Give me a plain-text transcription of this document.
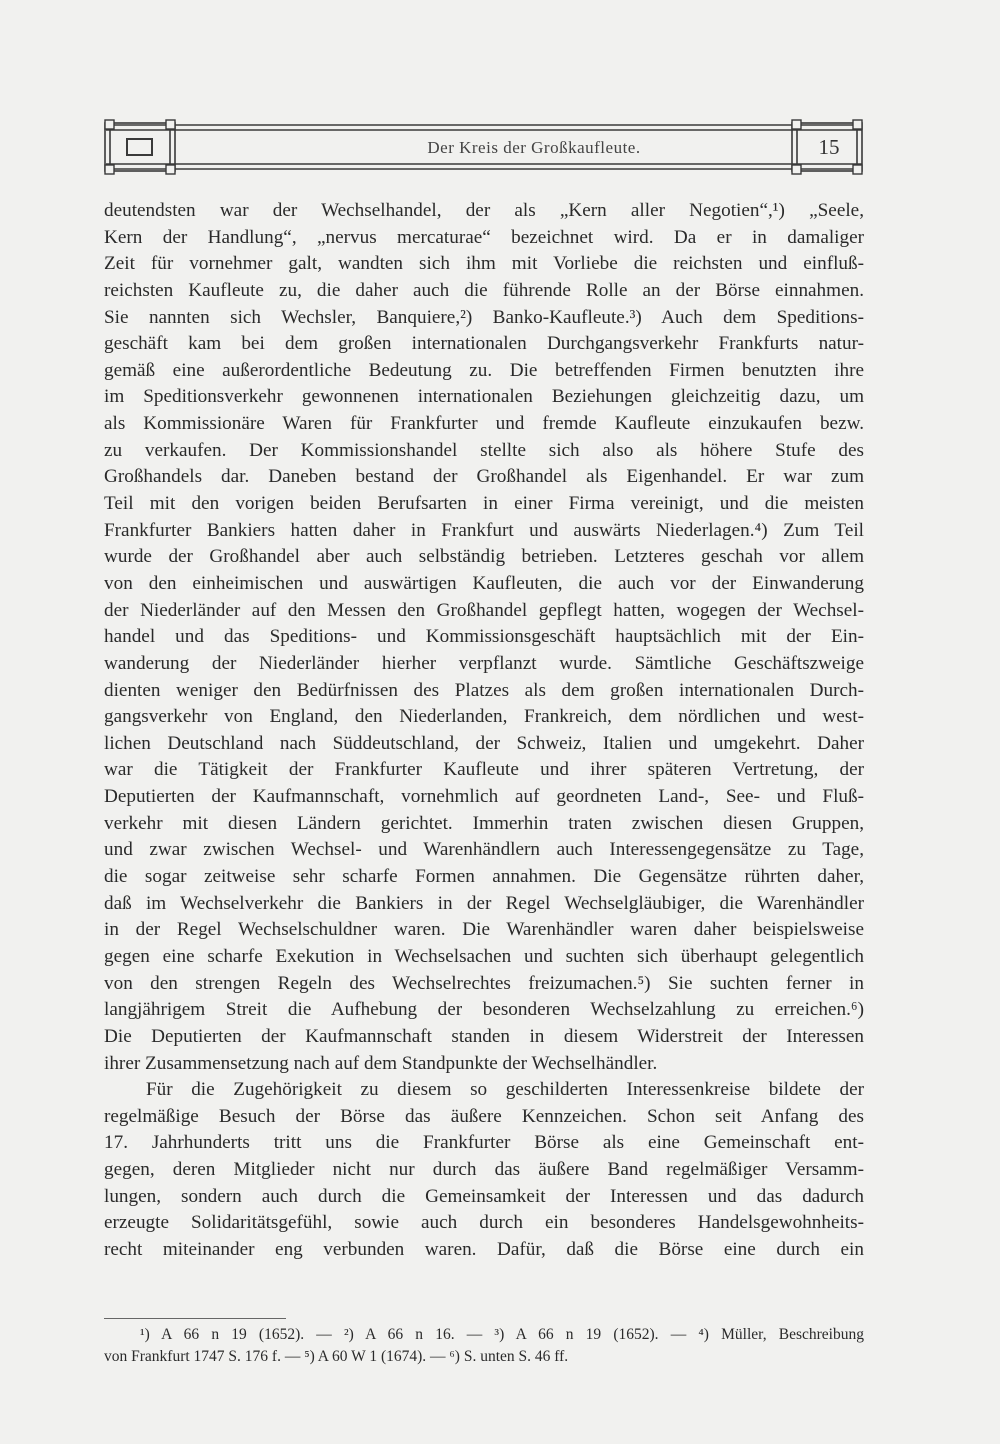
Der Kreis der Großkaufleute.	15
deutendsten war der Wechselhandel, der als „Kern aller Negotien“,¹) „Seele,
Kern der Handlung“, „nervus mercaturae“ bezeichnet wird. Da er in damaliger
Zeit für vornehmer galt, wandten sich ihm mit Vorliebe die reichsten und einfluß-
reichsten Kaufleute zu, die daher auch die führende Rolle an der Börse einnahmen.
Sie nannten sich Wechsler, Banquiere,²) Banko-Kaufleute.³) Auch dem Speditions-
geschäft kam bei dem großen internationalen Durchgangsverkehr Frankfurts natur-
gemäß eine außerordentliche Bedeutung zu. Die betreffenden Firmen benutzten ihre
im Speditionsverkehr gewonnenen internationalen Beziehungen gleichzeitig dazu, um
als Kommissionäre Waren für Frankfurter und fremde Kaufleute einzukaufen bezw.
zu verkaufen. Der Kommissionshandel stellte sich also als höhere Stufe des
Großhandels dar. Daneben bestand der Großhandel als Eigenhandel. Er war zum
Teil mit den vorigen beiden Berufsarten in einer Firma vereinigt, und die meisten
Frankfurter Bankiers hatten daher in Frankfurt und auswärts Niederlagen.⁴) Zum Teil
wurde der Großhandel aber auch selbständig betrieben. Letzteres geschah vor allem
von den einheimischen und auswärtigen Kaufleuten, die auch vor der Einwanderung
der Niederländer auf den Messen den Großhandel gepflegt hatten, wogegen der Wechsel-
handel und das Speditions- und Kommissionsgeschäft hauptsächlich mit der Ein-
wanderung der Niederländer hierher verpflanzt wurde. Sämtliche Geschäftszweige
dienten weniger den Bedürfnissen des Platzes als dem großen internationalen Durch-
gangsverkehr von England, den Niederlanden, Frankreich, dem nördlichen und west-
lichen Deutschland nach Süddeutschland, der Schweiz, Italien und umgekehrt. Daher
war die Tätigkeit der Frankfurter Kaufleute und ihrer späteren Vertretung, der
Deputierten der Kaufmannschaft, vornehmlich auf geordneten Land-, See- und Fluß-
verkehr mit diesen Ländern gerichtet. Immerhin traten zwischen diesen Gruppen,
und zwar zwischen Wechsel- und Warenhändlern auch Interessengegensätze zu Tage,
die sogar zeitweise sehr scharfe Formen annahmen. Die Gegensätze rührten daher,
daß im Wechselverkehr die Bankiers in der Regel Wechselgläubiger, die Warenhändler
in der Regel Wechselschuldner waren. Die Warenhändler waren daher beispielsweise
gegen eine scharfe Exekution in Wechselsachen und suchten sich überhaupt gelegentlich
von den strengen Regeln des Wechselrechtes freizumachen.⁵) Sie suchten ferner in
langjährigem Streit die Aufhebung der besonderen Wechselzahlung zu erreichen.⁶)
Die Deputierten der Kaufmannschaft standen in diesem Widerstreit der Interessen
ihrer Zusammensetzung nach auf dem Standpunkte der Wechselhändler.
Für die Zugehörigkeit zu diesem so geschilderten Interessenkreise bildete der
regelmäßige Besuch der Börse das äußere Kennzeichen. Schon seit Anfang des
17. Jahrhunderts tritt uns die Frankfurter Börse als eine Gemeinschaft ent-
gegen, deren Mitglieder nicht nur durch das äußere Band regelmäßiger Versamm-
lungen, sondern auch durch die Gemeinsamkeit der Interessen und das dadurch
erzeugte Solidaritätsgefühl, sowie auch durch ein besonderes Handelsgewohnheits-
recht miteinander eng verbunden waren. Dafür, daß die Börse eine durch ein
¹) A 66 n 19 (1652). — ²) A 66 n 16. — ³) A 66 n 19 (1652). — ⁴) Müller, Beschreibung
von Frankfurt 1747 S. 176 f. — ⁵) A 60 W 1 (1674). — ⁶) S. unten S. 46 ff.
